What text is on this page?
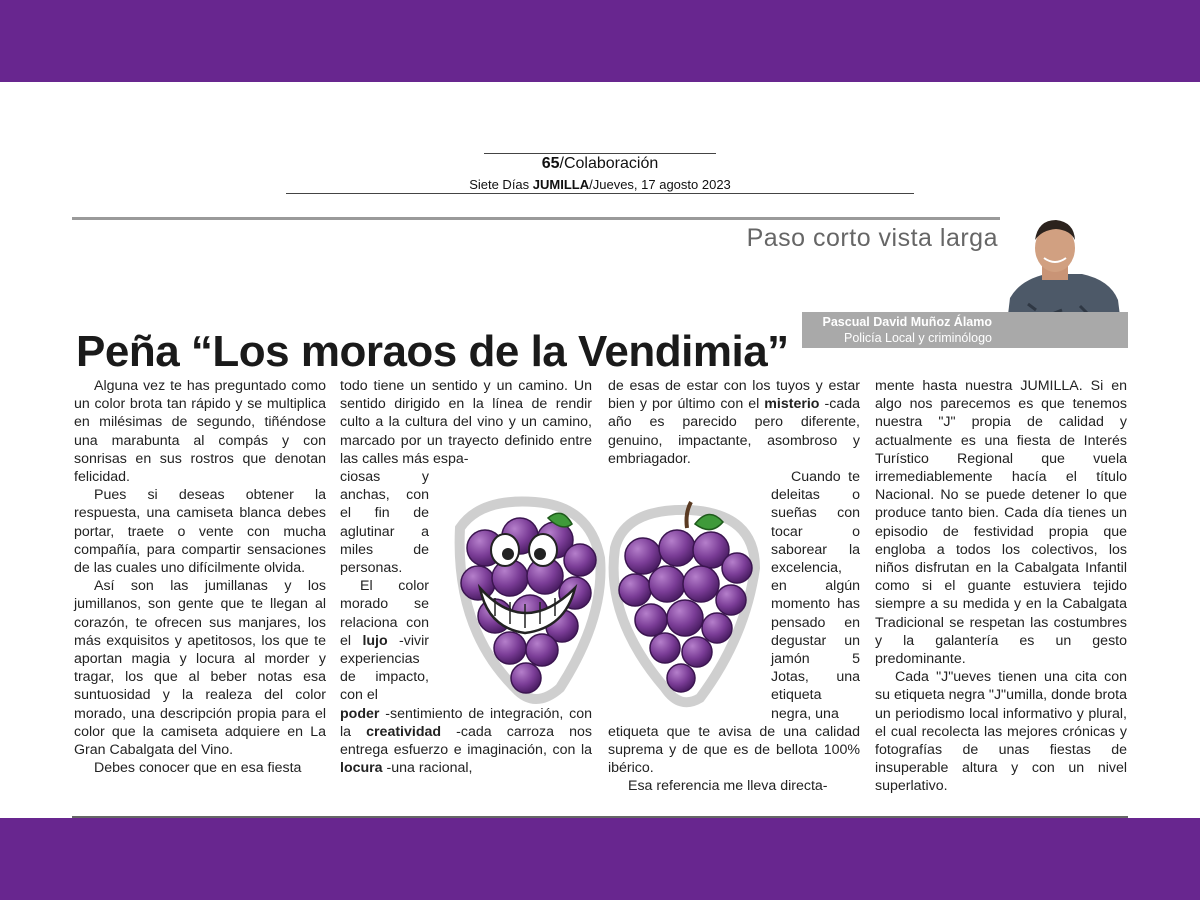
65/Colaboración
Siete Días JUMILLA/Jueves, 17 agosto 2023
Paso corto vista larga
Pascual David Muñoz Álamo
Policía Local y criminólogo
Peña “Los moraos de la Vendimia”

Alguna vez te has preguntado como un color brota tan rápido y se multiplica en milésimas de segundo, tiñéndose una marabunta al compás y con sonrisas en sus rostros que denotan felicidad.

Pues si deseas obtener la respuesta, una camiseta blanca debes portar, traete o vente con mucha compañía, para compartir sensaciones de las cuales uno difícilmente olvida.

Así son las jumillanas y los jumillanos, son gente que te llegan al corazón, te ofrecen sus manjares, los más exquisitos y apetitosos, los que te aportan magia y locura al morder y tragar, los que al beber notas esa suntuosidad y la realeza del color morado, una descripción propia para el color que la camiseta adquiere en La Gran Cabalgata del Vino.

Debes conocer que en esa fiesta

todo tiene un sentido y un camino. Un sentido dirigido en la línea de rendir culto a la cultura del vino y un camino, marcado por un trayecto definido entre las calles más espa-

ciosas y anchas, con el fin de aglutinar a miles de personas.

El color morado se relaciona con el lujo -vivir experiencias de impacto, con el

poder -sentimiento de integración, con la creatividad -cada carroza nos entrega esfuerzo e imaginación, con la locura -una racional,

de esas de estar con los tuyos y estar bien y por último con el misterio -cada año es parecido pero diferente, genuino, impactante, asombroso y embriagador.

Cuando te deleitas o sueñas con tocar o saborear la excelencia, en algún momento has pensado en degustar un jamón 5 Jotas, una etiqueta negra, una

etiqueta que te avisa de una calidad suprema y de que es de bellota 100% ibérico.

Esa referencia me lleva directa-

mente hasta nuestra JUMILLA. Si en algo nos parecemos es que tenemos nuestra "J" propia de calidad y actualmente es una fiesta de Interés Turístico Regional que vuela irremediablemente hacía el título Nacional. No se puede detener lo que produce tanto bien. Cada día tienes un episodio de festividad propia que engloba a todos los colectivos, los niños disfrutan en la Cabalgata Infantil como si el guante estuviera tejido siempre a su medida y en la Cabalgata Tradicional se respetan las costumbres y la galantería es un gesto predominante.

Cada "J"ueves tienen una cita con su etiqueta negra "J"umilla, donde brota un periodismo local informativo y plural, el cual recolecta las mejores crónicas y fotografías de unas fiestas de insuperable altura y con un nivel superlativo.
